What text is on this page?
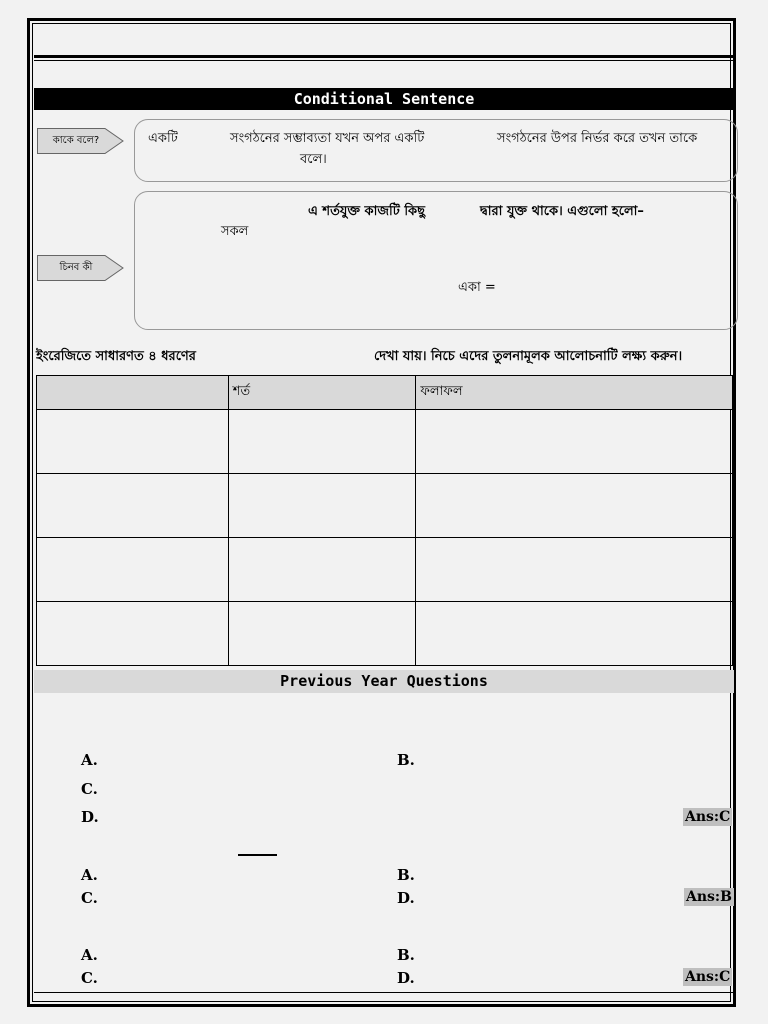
Conditional Sentence
কাকে বলে?	একটি	সংগঠনের সম্ভাব্যতা যখন অপর একটি	সংগঠনের উপর নির্ভর করে তখন তাকে
বলে।
এ শর্তযুক্ত কাজটি কিছু	দ্বারা যুক্ত থাকে। এগুলো হলো–
সকল
একা =
চিনব কী
ইংরেজিতে সাধারণত ৪ ধরণের	দেখা যায়। নিচে এদের তুলনামূলক আলোচনাটি লক্ষ্য করুন।
	শর্ত	ফলাফল

Previous Year Questions
A.	B.
C.
D.	Ans:C
A.	B.
C.	D.	Ans:B
A.	B.
C.	D.	Ans:C
